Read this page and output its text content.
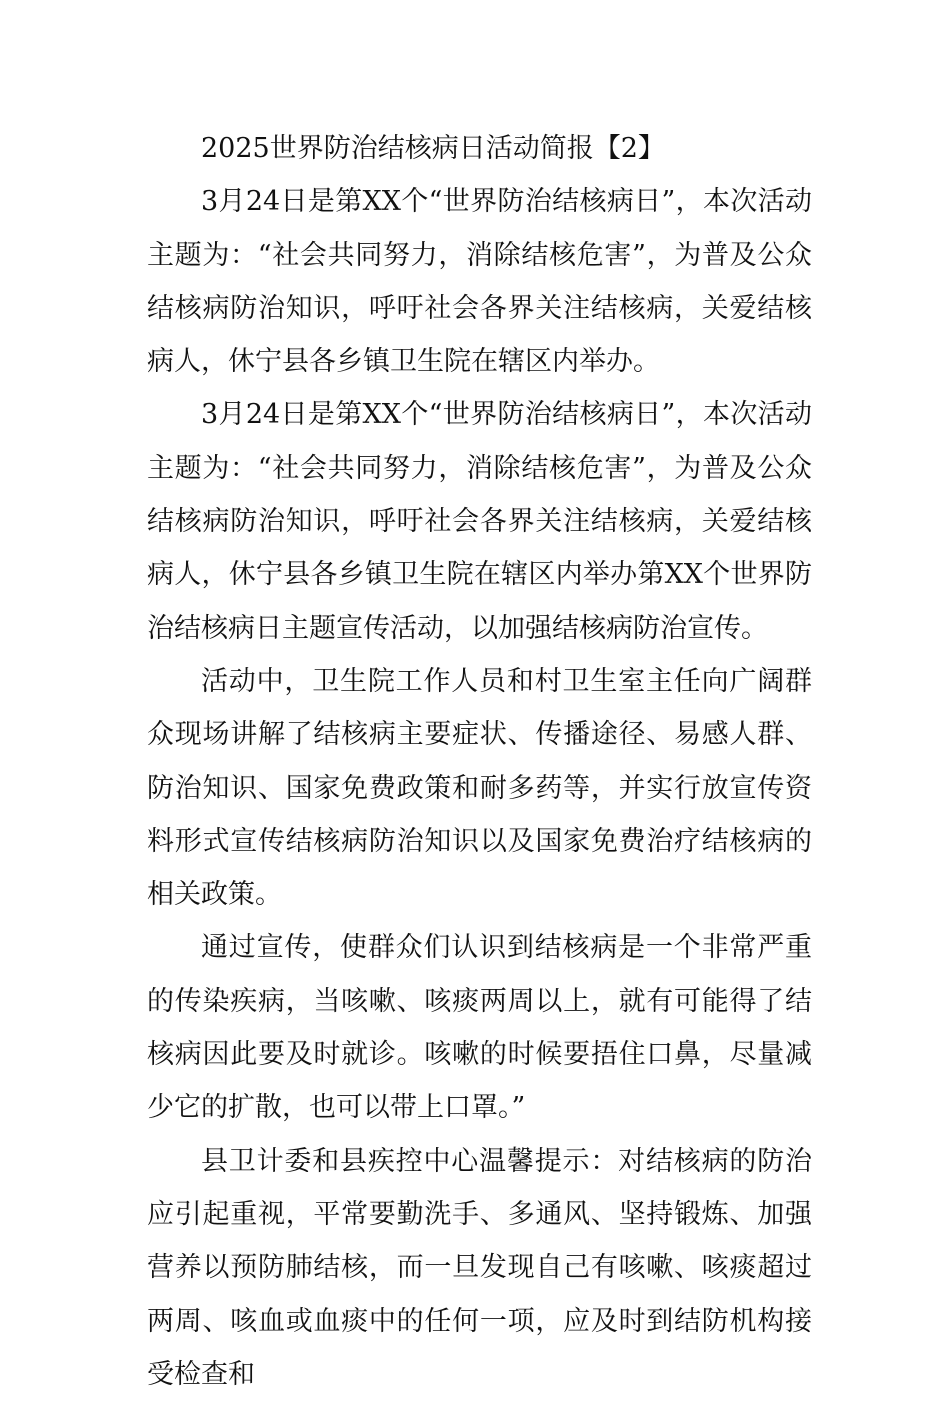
2025世界防治结核病日活动简报【2】

3月24日是第XX个“世界防治结核病日”，本次活动主题为：“社会共同努力，消除结核危害”，为普及公众结核病防治知识，呼吁社会各界关注结核病，关爱结核病人，休宁县各乡镇卫生院在辖区内举办。

3月24日是第XX个“世界防治结核病日”，本次活动主题为：“社会共同努力，消除结核危害”，为普及公众结核病防治知识，呼吁社会各界关注结核病，关爱结核病人，休宁县各乡镇卫生院在辖区内举办第XX个世界防治结核病日主题宣传活动，以加强结核病防治宣传。

活动中，卫生院工作人员和村卫生室主任向广阔群众现场讲解了结核病主要症状、传播途径、易感人群、防治知识、国家免费政策和耐多药等，并实行放宣传资料形式宣传结核病防治知识以及国家免费治疗结核病的相关政策。

通过宣传，使群众们认识到结核病是一个非常严重的传染疾病，当咳嗽、咳痰两周以上，就有可能得了结核病因此要及时就诊。咳嗽的时候要捂住口鼻，尽量减少它的扩散，也可以带上口罩。”

县卫计委和县疾控中心温馨提示：对结核病的防治应引起重视，平常要勤洗手、多通风、坚持锻炼、加强营养以预防肺结核，而一旦发现自己有咳嗽、咳痰超过两周、咳血或血痰中的任何一项，应及时到结防机构接受检查和
